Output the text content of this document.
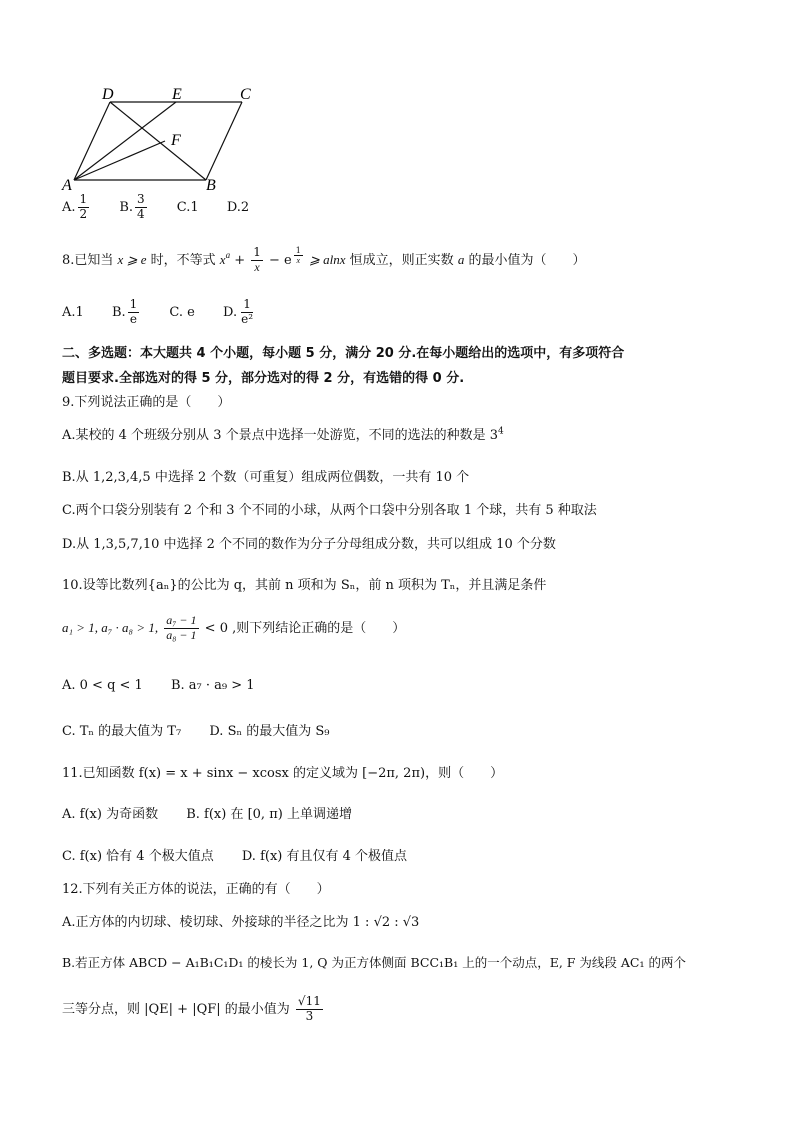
D	E	C
F
A	B
A. $\frac{1}{2} B$. $\frac{3}{4} C.1$ D.2
8.已知当 x ⩾ e 时，不等式 $x^a + \frac{1}{x} - e$ $^{\frac{1}{x}}$ ⩾ alnx 恒成立，则正实数 a 的最小值为（　　）
A.1 B. $\frac{1}{e} C$. e D. $\frac{1}{\text{e²}}$
二、多选题：本大题共 4 个小题，每小题 5 分，满分 20 分.在每小题给出的选项中，有多项符合
题目要求.全部选对的得 5 分，部分选对的得 2 分，有选错的得 0 分.
9.下列说法正确的是（　　）
A.某校的 4 个班级分别从 3 个景点中选择一处游览，不同的选法的种数是 $3^4$
B.从 1,2,3,4,5 中选择 2 个数（可重复）组成两位偶数，一共有 10 个
C.两个口袋分别装有 2 个和 3 个不同的小球，从两个口袋中分别各取 1 个球，共有 5 种取法
D.从 1,3,5,7,10 中选择 2 个不同的数作为分子分母组成分数，共可以组成 10 个分数
10.设等比数列{aₙ}的公比为 q，其前 n 项和为 Sₙ，前 n 项积为 Tₙ，并且满足条件
a₁ > 1, a₇ · a₈ > 1, $\frac{\text{a₇ − 1}}{\text{a₈ − 1}} < 0$ ,则下列结论正确的是（　　）
A. 0 < q < 1 B. a₇ · a₉ > 1
C. Tₙ 的最大值为 T₇ D. Sₙ 的最大值为 S₉
11.已知函数 f(x) = x + sinx − xcosx 的定义域为 [−2π, 2π)，则（　　）
A. f(x) 为奇函数 B. f(x) 在 [0, π) 上单调递增
C. f(x) 恰有 4 个极大值点 D. f(x) 有且仅有 4 个极值点
12.下列有关正方体的说法，正确的有（　　）
A.正方体的内切球、棱切球、外接球的半径之比为 1 : √2 : √3
B.若正方体 ABCD − A₁B₁C₁D₁ 的棱长为 1, Q 为正方体侧面 BCC₁B₁ 上的一个动点，E, F 为线段 AC₁ 的两个
三等分点，则 |QE| + |QF| 的最小值为 $\frac{√11}{3}$
